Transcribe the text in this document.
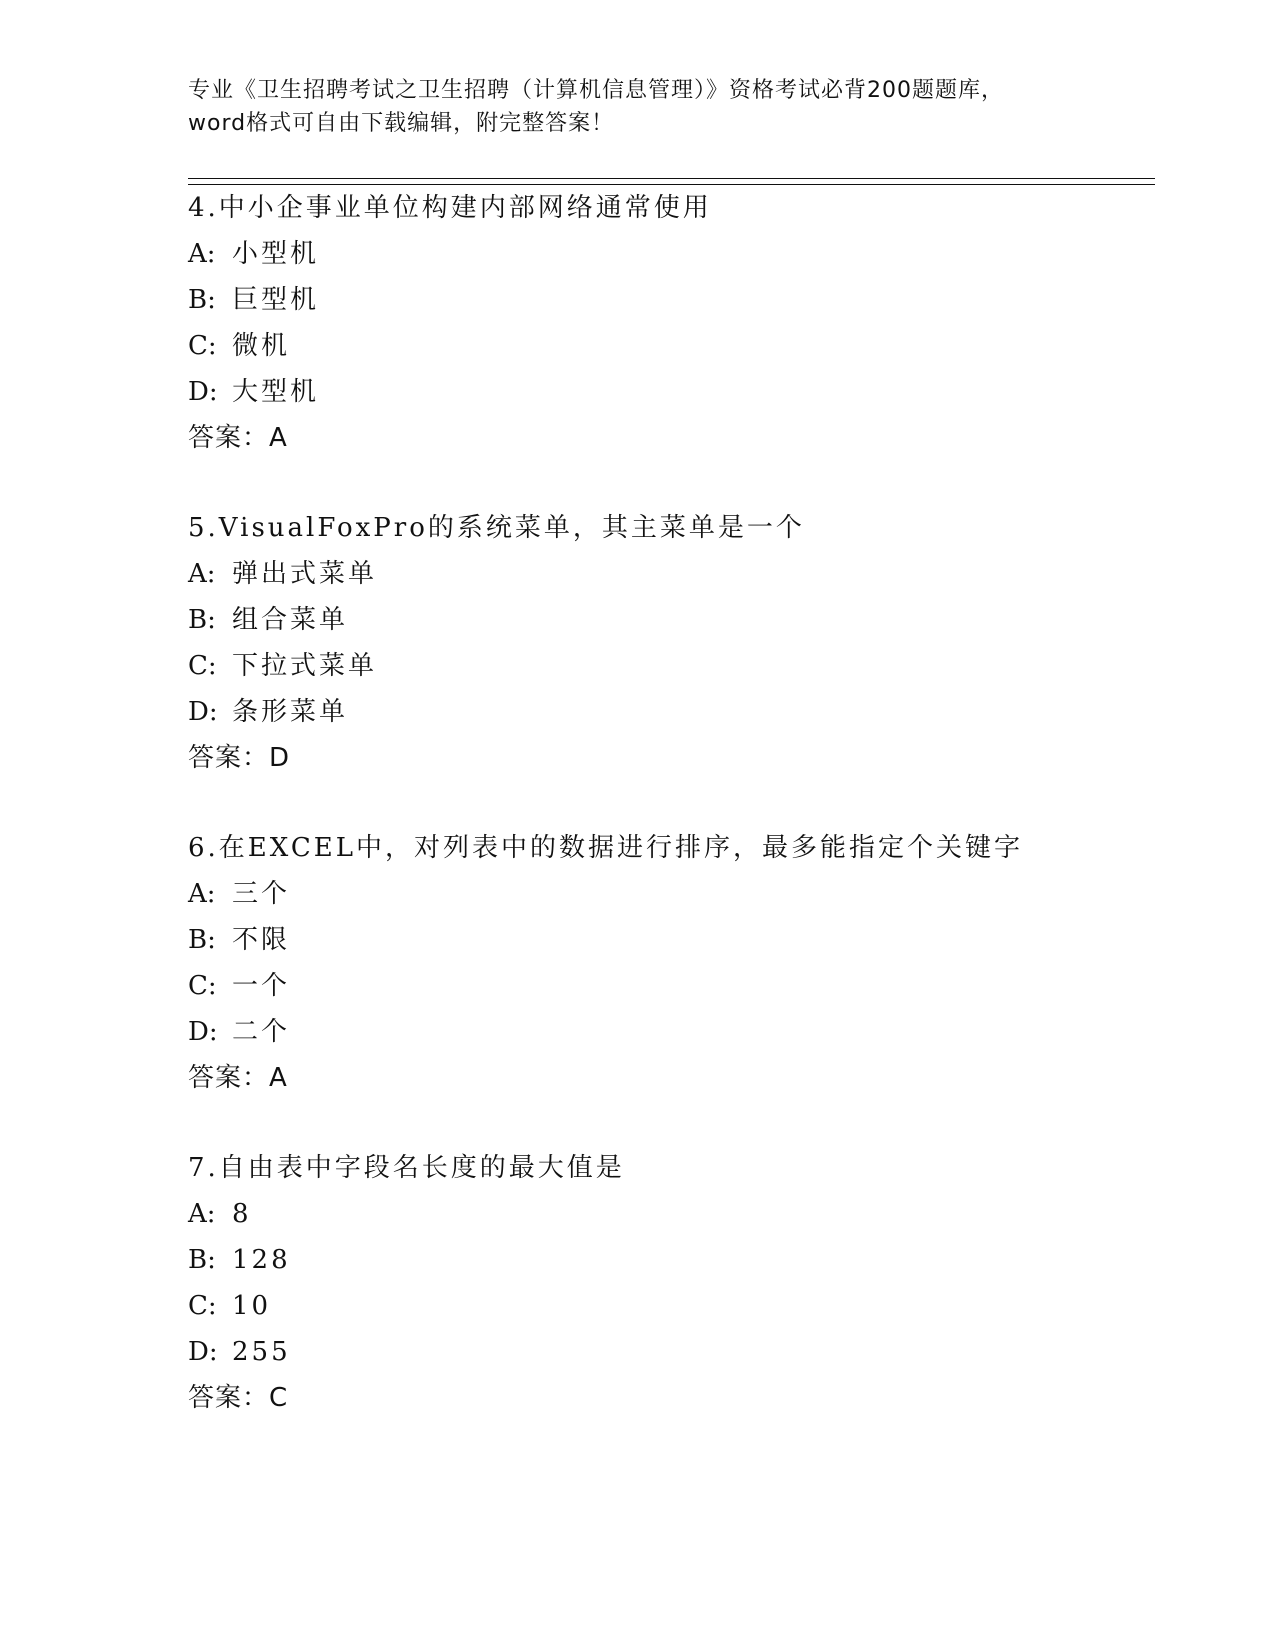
专业《卫生招聘考试之卫生招聘（计算机信息管理）》资格考试必背200题题库，
word格式可自由下载编辑，附完整答案！
4.中小企事业单位构建内部网络通常使用
A: 小型机
B: 巨型机
C: 微机
D: 大型机
答案：A
5.VisualFoxPro的系统菜单，其主菜单是一个
A: 弹出式菜单
B: 组合菜单
C: 下拉式菜单
D: 条形菜单
答案：D
6.在EXCEL中，对列表中的数据进行排序，最多能指定个关键字
A: 三个
B: 不限
C: 一个
D: 二个
答案：A
7.自由表中字段名长度的最大值是
A: 8
B: 128
C: 10
D: 255
答案：C
